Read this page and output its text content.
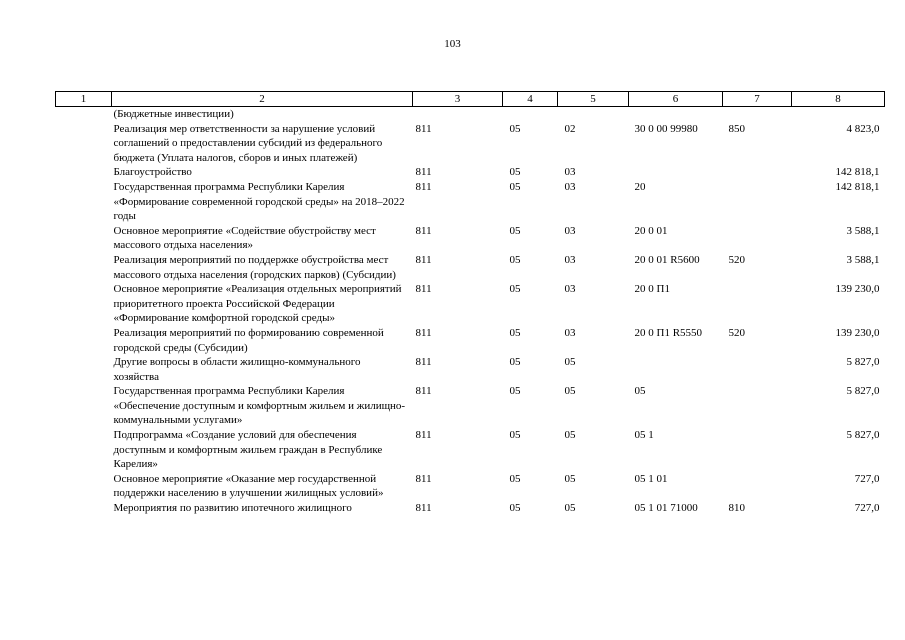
103
1	2	3	4	5	6	7	8
	(Бюджетные инвестиции)						
	Реализация мер ответственности за нарушение условий соглашений о предоставлении субсидий из федерального бюджета (Уплата налогов, сборов и иных платежей)	811	05	02	30 0 00 99980	850	4 823,0
	Благоустройство	811	05	03			142 818,1
	Государственная программа Республики Карелия «Формирование современной городской среды» на 2018–2022 годы	811	05	03	20		142 818,1
	Основное мероприятие «Содействие обустройству мест массового отдыха населения»	811	05	03	20 0 01		3 588,1
	Реализация мероприятий по поддержке обустройства мест массового отдыха населения (городских парков) (Субсидии)	811	05	03	20 0 01 R5600	520	3 588,1
	Основное мероприятие «Реализация отдельных мероприятий приоритетного проекта Российской Федерации «Формирование комфортной городской среды»	811	05	03	20 0 П1		139 230,0
	Реализация мероприятий по формированию современной городской среды (Субсидии)	811	05	03	20 0 П1 R5550	520	139 230,0
	Другие вопросы в области жилищно-коммунального хозяйства	811	05	05			5 827,0
	Государственная программа Республики Карелия «Обеспечение доступным и комфортным жильем и жилищно-коммунальными услугами»	811	05	05	05		5 827,0
	Подпрограмма «Создание условий для обеспечения доступным и комфортным жильем граждан в Республике Карелия»	811	05	05	05 1		5 827,0
	Основное мероприятие «Оказание мер государственной поддержки населению в улучшении жилищных условий»	811	05	05	05 1 01		727,0
	Мероприятия по развитию ипотечного жилищного	811	05	05	05 1 01 71000	810	727,0
